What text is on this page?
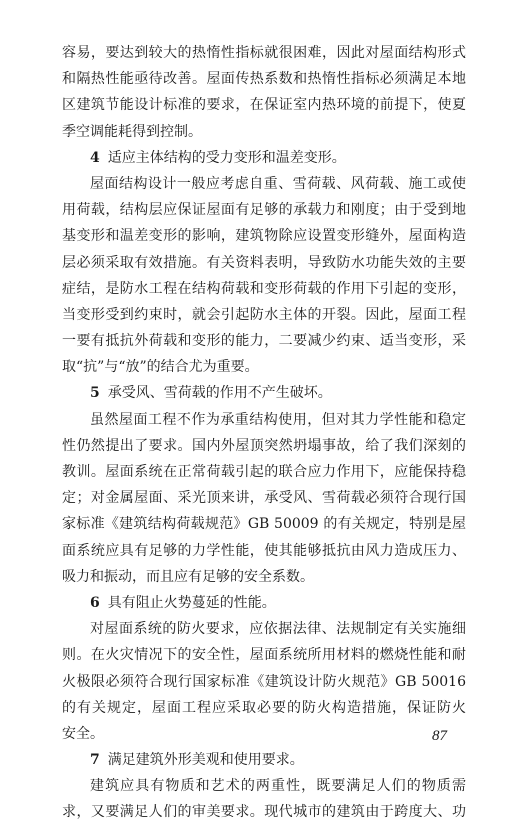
容易，要达到较大的热惰性指标就很困难，因此对屋面结构形式
和隔热性能亟待改善。屋面传热系数和热惰性指标必须满足本地
区建筑节能设计标准的要求，在保证室内热环境的前提下，使夏
季空调能耗得到控制。
4 适应主体结构的受力变形和温差变形。
屋面结构设计一般应考虑自重、雪荷载、风荷载、施工或使
用荷载，结构层应保证屋面有足够的承载力和刚度；由于受到地
基变形和温差变形的影响，建筑物除应设置变形缝外，屋面构造
层必须采取有效措施。有关资料表明，导致防水功能失效的主要
症结，是防水工程在结构荷载和变形荷载的作用下引起的变形，
当变形受到约束时，就会引起防水主体的开裂。因此，屋面工程
一要有抵抗外荷载和变形的能力，二要减少约束、适当变形，采
取“抗”与“放”的结合尤为重要。
5 承受风、雪荷载的作用不产生破坏。
虽然屋面工程不作为承重结构使用，但对其力学性能和稳定
性仍然提出了要求。国内外屋顶突然坍塌事故，给了我们深刻的
教训。屋面系统在正常荷载引起的联合应力作用下，应能保持稳
定；对金属屋面、采光顶来讲，承受风、雪荷载必须符合现行国
家标准《建筑结构荷载规范》GB 50009 的有关规定，特别是屋
面系统应具有足够的力学性能，使其能够抵抗由风力造成压力、
吸力和振动，而且应有足够的安全系数。
6 具有阻止火势蔓延的性能。
对屋面系统的防火要求，应依据法律、法规制定有关实施细
则。在火灾情况下的安全性，屋面系统所用材料的燃烧性能和耐
火极限必须符合现行国家标准《建筑设计防火规范》GB 50016
的有关规定，屋面工程应采取必要的防火构造措施，保证防火
安全。
7 满足建筑外形美观和使用要求。
建筑应具有物质和艺术的两重性，既要满足人们的物质需
求，又要满足人们的审美要求。现代城市的建筑由于跨度大、功
87
